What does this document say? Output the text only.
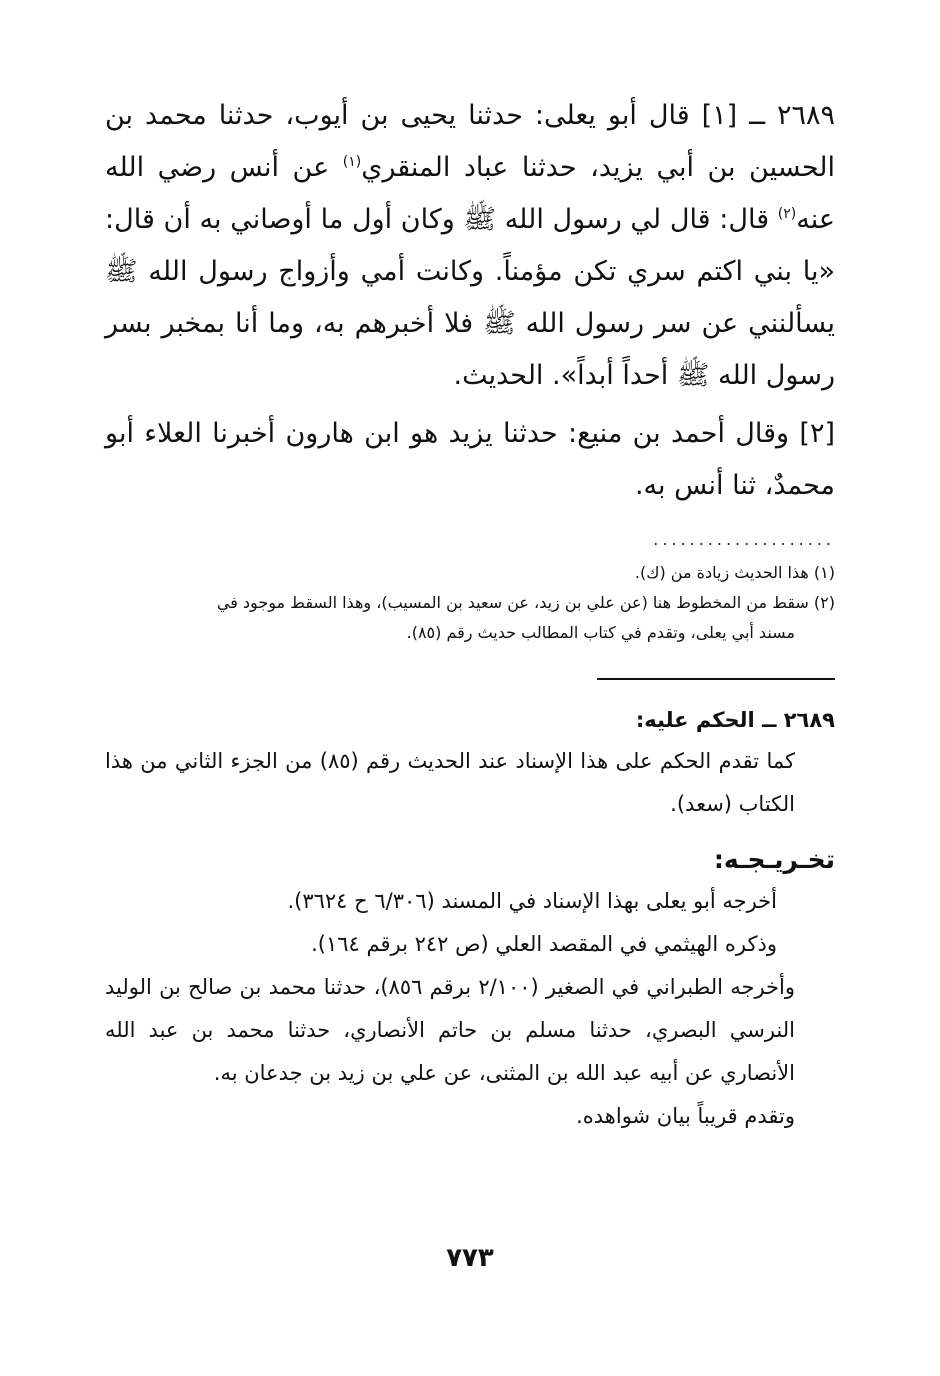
٢٦٨٩ ــ [١] قال أبو يعلى: حدثنا يحيى بن أيوب، حدثنا محمد بن الحسين بن أبي يزيد، حدثنا عباد المنقري$^{(١)}$ عن أنس رضي الله عنه$^{(٢)}$ قال: قال لي رسول الله ﷺ وكان أول ما أوصاني به أن قال: «يا بني اكتم سري تكن مؤمناً. وكانت أمي وأزواج رسول الله ﷺ يسألنني عن سر رسول الله ﷺ فلا أخبرهم به، وما أنا بمخبر بسر رسول الله ﷺ أحداً أبداً». الحديث.

[٢] وقال أحمد بن منيع: حدثنا يزيد هو ابن هارون أخبرنا العلاء أبو محمدٌ، ثنا أنس به.

....................

(١) هذا الحديث زيادة من (ك).

(٢) سقط من المخطوط هنا (عن علي بن زيد، عن سعيد بن المسيب)، وهذا السقط موجود في

مسند أبي يعلى، وتقدم في كتاب المطالب حديث رقم (٨٥).

٢٦٨٩ ــ الحكم عليه:

كما تقدم الحكم على هذا الإسناد عند الحديث رقم (٨٥) من الجزء الثاني من هذا الكتاب (سعد).

تخـريـجـه:

أخرجه أبو يعلى بهذا الإسناد في المسند (٦/٣٠٦ ح ٣٦٢٤).

وذكره الهيثمي في المقصد العلي (ص ٢٤٢ برقم ١٦٤).

وأخرجه الطبراني في الصغير (٢/١٠٠ برقم ٨٥٦)، حدثنا محمد بن صالح بن الوليد النرسي البصري، حدثنا مسلم بن حاتم الأنصاري، حدثنا محمد بن عبد الله الأنصاري عن أبيه عبد الله بن المثنى، عن علي بن زيد بن جدعان به.

وتقدم قريباً بيان شواهده.

٧٧٣
